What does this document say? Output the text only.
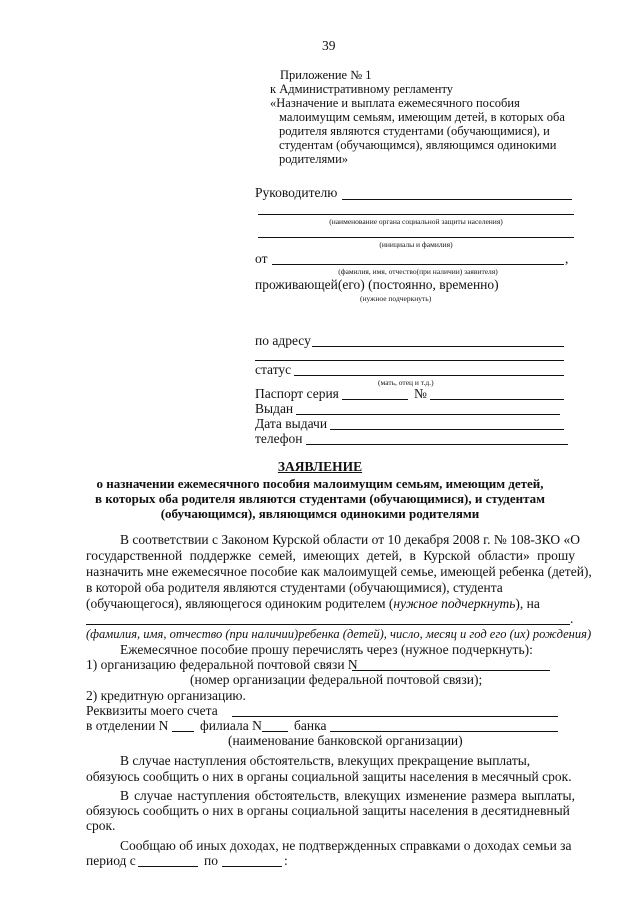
39
Приложение № 1
к Административному регламенту
«Назначение и выплата ежемесячного пособия
малоимущим семьям, имеющим детей, в которых оба
родителя являются студентами (обучающимися), и
студентам (обучающимся), являющимся одинокими
родителями»
Руководителю
(наименование органа социальной защиты населения)
(инициалы и фамилия)
от	,
(фамилия, имя, отчество(при наличии) заявителя)
проживающей(его) (постоянно, временно)
(нужное подчеркнуть)
по адресу
статус
(мать, отец и т.д.)
Паспорт серия	№
Выдан
Дата выдачи
телефон
ЗАЯВЛЕНИЕ
о назначении ежемесячного пособия малоимущим семьям, имеющим детей,
в которых оба родителя являются студентами (обучающимися), и студентам
(обучающимся), являющимся одинокими родителями
В соответствии с Законом Курской области от 10 декабря 2008 г. № 108-ЗКО «О
государственной поддержке семей, имеющих детей, в Курской области» прошу
назначить мне ежемесячное пособие как малоимущей семье, имеющей ребенка (детей),
в которой оба родителя являются студентами (обучающимися), студента
(обучающегося), являющегося одиноким родителем (нужное подчеркнуть), на
.
(фамилия, имя, отчество (при наличии)ребенка (детей), число, месяц и год его (их) рождения)
Ежемесячное пособие прошу перечислять через (нужное подчеркнуть):
1) организацию федеральной почтовой связи N
(номер организации федеральной почтовой связи);
2) кредитную организацию.
Реквизиты моего счета
в отделении N филиала N банка
(наименование банковской организации)
В случае наступления обстоятельств, влекущих прекращение выплаты,
обязуюсь сообщить о них в органы социальной защиты населения в месячный срок.
В случае наступления обстоятельств, влекущих изменение размера выплаты,
обязуюсь сообщить о них в органы социальной защиты населения в десятидневный
срок.
Сообщаю об иных доходах, не подтвержденных справками о доходах семьи за
период с	по	:
